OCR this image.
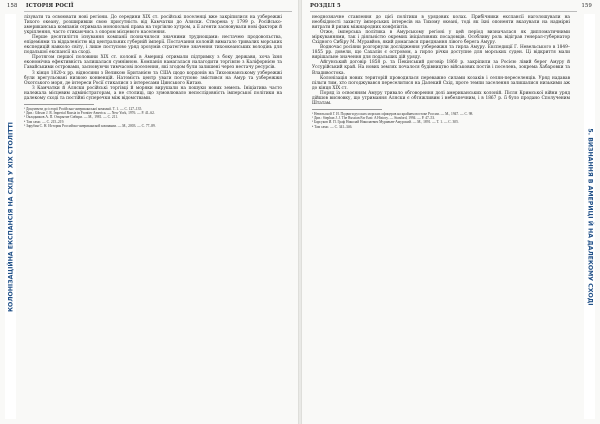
158 ІСТОРІЯ РОСІЇ
КОЛОНІЗАЦІЙНА ЕКСПАНСІЯ НА СХІД У ХІХ СТОЛІТТІ

лізувати та освоювати нові регіони. До середини XIX ст. російські поселенці вже закріпилися на узбережжі Тихого океану, розширивши свою присутність від Камчатки до Аляски. Створена у 1799 р. Російсько-американська компанія отримала монопольні права на торгівлю хутром, а її агенти засновували нові фактори й укріплення, часто стикаючись з опором місцевого населення.

Перше десятиліття існування компанії позначилося значними труднощами: нестачею продовольства, епідеміями та віддаленістю від центральних губерній імперії. Постачання колоній вимагало тривалих морських експедицій навколо світу, і лише поступово уряд зрозумів стратегічне значення тихоокеанських володінь для подальшої експансії на сході.

Протягом першої половини XIX ст. колонії в Америці отримали підтримку з боку держави, хоча їхня економічна ефективність залишалася сумнівною. Компанія намагалася налагодити торгівлю з Каліфорнією та Гавайськими островами, засновуючи тимчасові поселення, які згодом були залишені через нестачу ресурсів.

З кінця 1820-х рр. відносини з Великою Британією та США щодо кордонів на Тихоокеанському узбережжі були врегульовані низкою конвенцій. Натомість центр уваги поступово змістився на Амур та узбережжя Охотського моря, де інтереси Росії стикалися з інтересами Цинського Китаю.

З Камчатки й Аляски російські торгівці й моряки вирушали на пошуки нових земель. Ініціатива часто належала місцевим адміністраторам, а не столиці, що зумовлювало непослідовність імперської політики на далекому сході та постійні суперечки між відомствами.

¹ Документи до історії Російсько-американської компанії. Т. 1. — С. 127–135.

² Див.: Gibson J. R. Imperial Russia in Frontier America. — New York, 1976. — P. 41–62.

³ Окладников А. П. Открытие Сибири. — М., 1981. — С. 211.

⁴ Там само. — С. 215–219.

⁵ Зарубин С. Н. История Российско-американской компании. — М., 2003. — С. 77–89.

РОЗДІЛ 5	159
5. ВИЗНАННЯ В АМЕРИЦІ Й НА ДАЛЕКОМУ СХОДІ

неоднозначне ставлення до цієї політики в урядових колах. Прибічники експансії наголошували на необхідності захисту імперських інтересів на Тихому океані, тоді як їхні опоненти вказували на надмірні витрати й ризик міжнародних конфліктів.

Отже, імперська політика в Амурському регіоні у цей період визначалася як дипломатичними міркуваннями, так і діяльністю окремих ініціативних посадовців. Особливу роль відіграв генерал-губернатор Східного Сибіру М. Муравйов, який домагався приєднання лівого берега Амуру.

Водночас росіяни розгорнули дослідження узбережжя та гирла Амуру. Експедиції Г. Невельського в 1849–1855 рр. довели, що Сахалін є островом, а гирло річки доступне для морських суден. Ці відкриття мали вирішальне значення для подальших дій уряду.

Айгунський договір 1858 р. та Пекінський договір 1860 р. закріпили за Росією лівий берег Амуру й Уссурійський край. На нових землях почалося будівництво військових постів і поселень, зокрема Хабаровки та Владивостока.

Колонізація нових територій проводилася переважно силами козаків і селян-переселенців. Уряд надавав пільги тим, хто погоджувався переселитися на Далекий Схід, проте темпи заселення залишалися низькими аж до кінця XIX ст.

Поряд із освоєнням Амуру тривало обговорення долі американських колоній. Після Кримської війни уряд дійшов висновку, що утримання Аляски є обтяжливим і небезпечним, і в 1867 р. її було продано Сполученим Штатам.

¹ Невельской Г. И. Подвиги русских морских офицеров на крайнем востоке России. — М., 1947. — С. 98.

² Див.: Stephan J. J. The Russian Far East: A History. — Stanford, 1994. — P. 47–53.

³ Барсуков И. П. Граф Николай Николаевич Муравьев-Амурский. — М., 1891. — Т. 1. — С. 305.

⁴ Там само. — С. 341–346.
